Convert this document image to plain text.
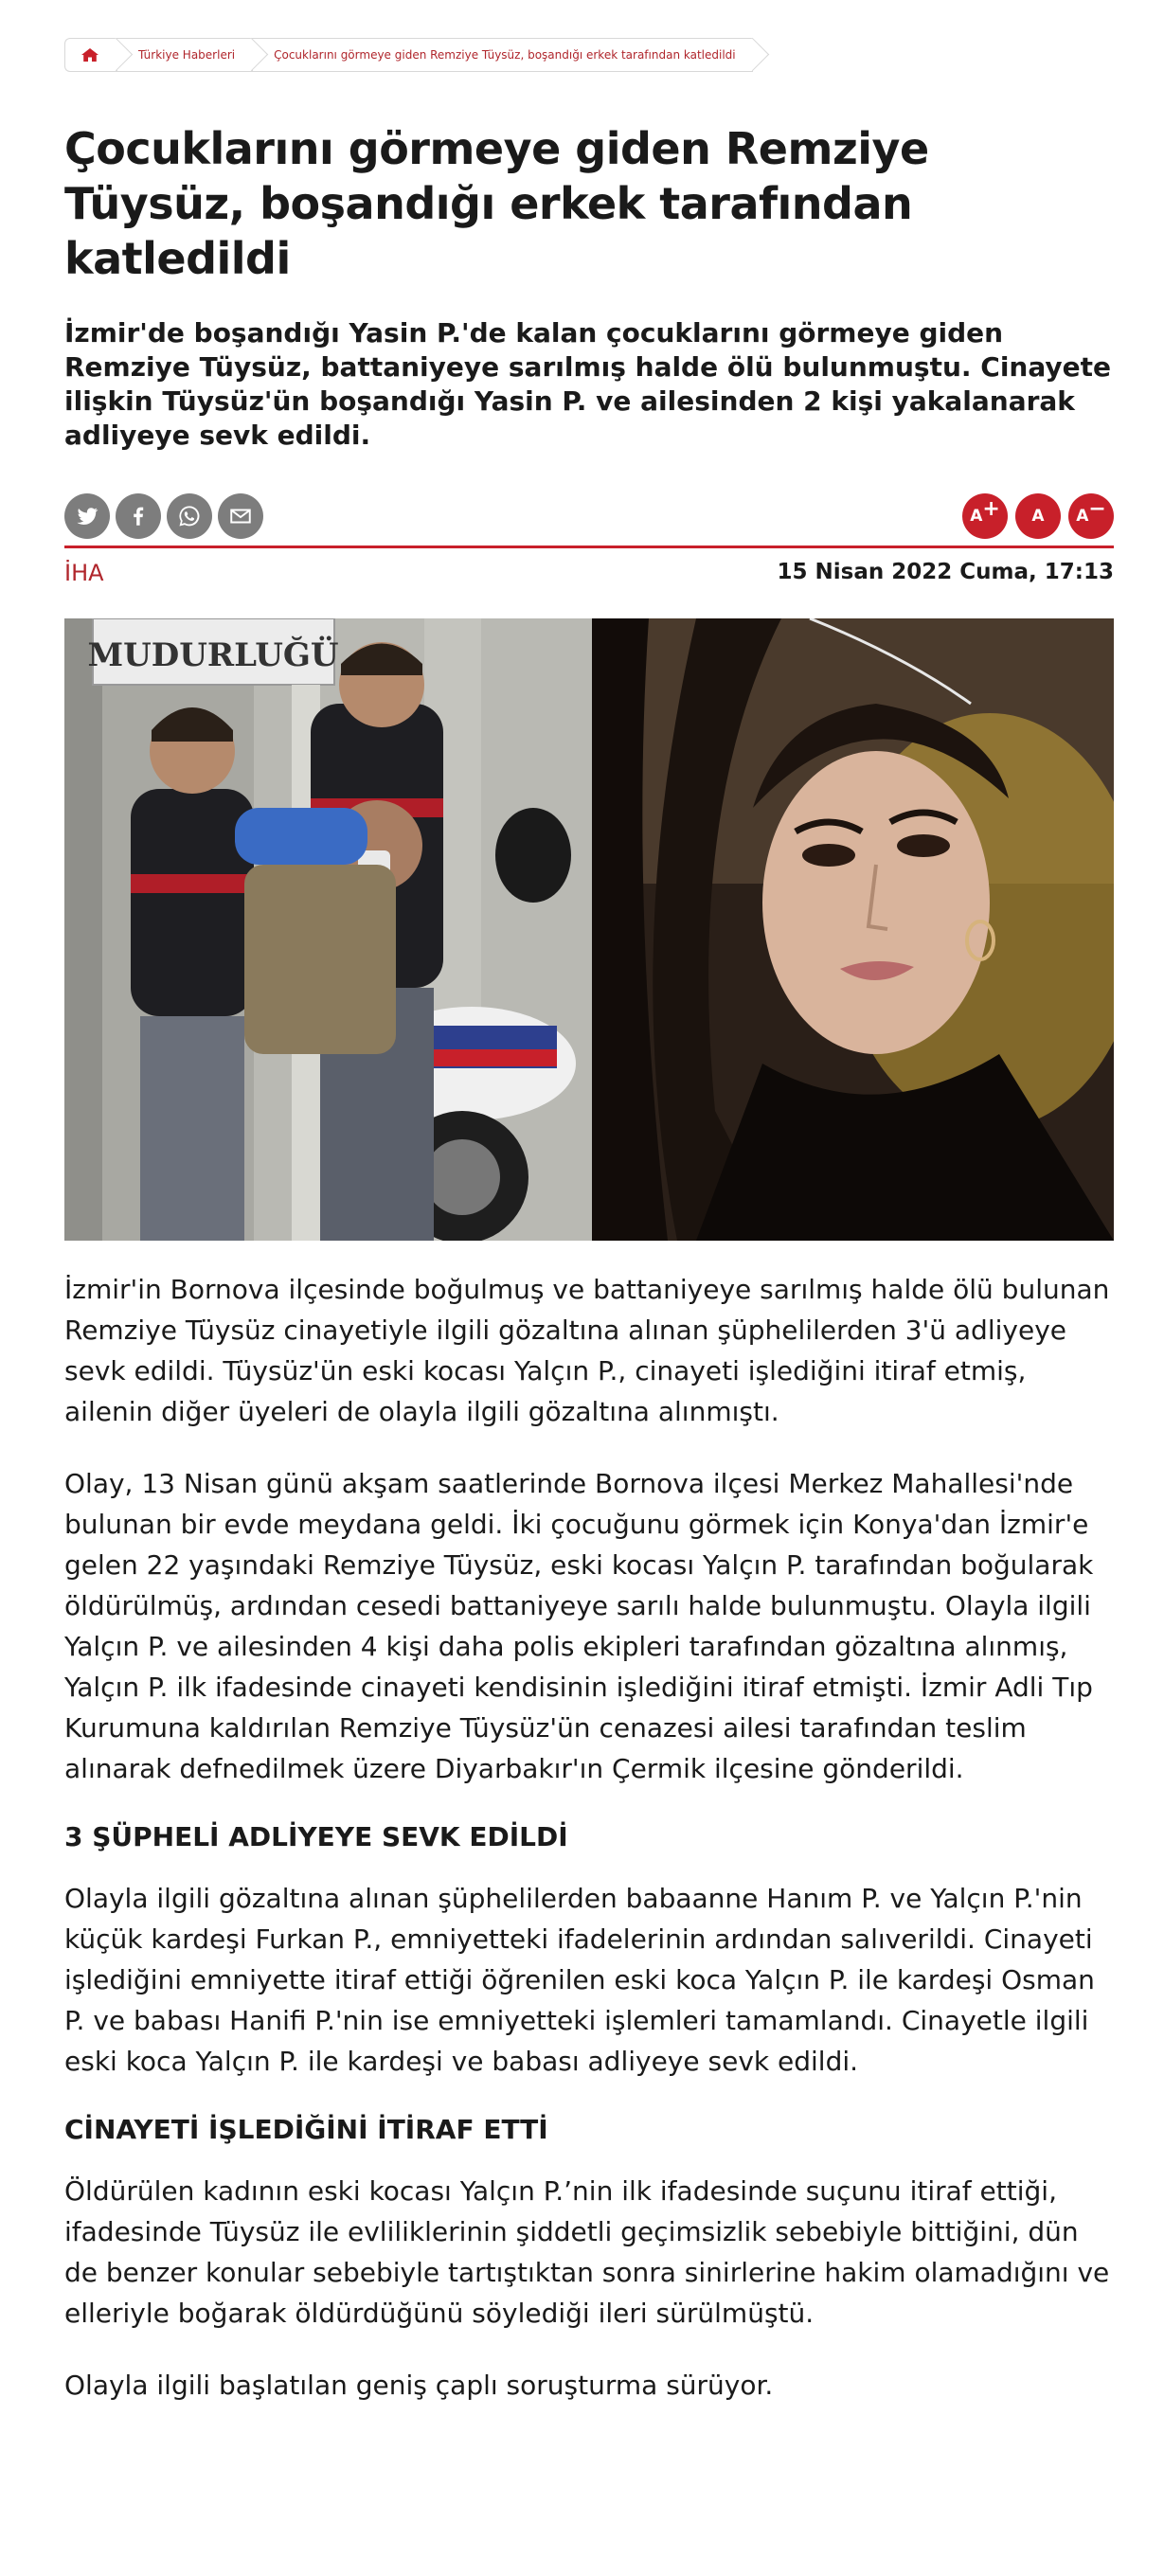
Türkiye Haberleri	Çocuklarını görmeye giden Remziye Tüysüz, boşandığı erkek tarafından katledildi
Çocuklarını görmeye giden Remziye Tüysüz, boşandığı erkek tarafından katledildi

İzmir'de boşandığı Yasin P.'de kalan çocuklarını görmeye giden Remziye Tüysüz, battaniyeye sarılmış halde ölü bulunmuştu. Cinayete ilişkin Tüysüz'ün boşandığı Yasin P. ve ailesinden 2 kişi yakalanarak adliyeye sevk edildi.

A + A A −
İHA	15 Nisan 2022 Cuma, 17:13
MUDURLUĞÜ

İzmir'in Bornova ilçesinde boğulmuş ve battaniyeye sarılmış halde ölü bulunan Remziye Tüysüz cinayetiyle ilgili gözaltına alınan şüphelilerden 3'ü adliyeye sevk edildi. Tüysüz'ün eski kocası Yalçın P., cinayeti işlediğini itiraf etmiş, ailenin diğer üyeleri de olayla ilgili gözaltına alınmıştı.

Olay, 13 Nisan günü akşam saatlerinde Bornova ilçesi Merkez Mahallesi'nde bulunan bir evde meydana geldi. İki çocuğunu görmek için Konya'dan İzmir'e gelen 22 yaşındaki Remziye Tüysüz, eski kocası Yalçın P. tarafından boğularak öldürülmüş, ardından cesedi battaniyeye sarılı halde bulunmuştu. Olayla ilgili Yalçın P. ve ailesinden 4 kişi daha polis ekipleri tarafından gözaltına alınmış, Yalçın P. ilk ifadesinde cinayeti kendisinin işlediğini itiraf etmişti. İzmir Adli Tıp Kurumuna kaldırılan Remziye Tüysüz'ün cenazesi ailesi tarafından teslim alınarak defnedilmek üzere Diyarbakır'ın Çermik ilçesine gönderildi.

3 ŞÜPHELİ ADLİYEYE SEVK EDİLDİ

Olayla ilgili gözaltına alınan şüphelilerden babaanne Hanım P. ve Yalçın P.'nin küçük kardeşi Furkan P., emniyetteki ifadelerinin ardından salıverildi. Cinayeti işlediğini emniyette itiraf ettiği öğrenilen eski koca Yalçın P. ile kardeşi Osman P. ve babası Hanifi P.'nin ise emniyetteki işlemleri tamamlandı. Cinayetle ilgili eski koca Yalçın P. ile kardeşi ve babası adliyeye sevk edildi.

CİNAYETİ İŞLEDİĞİNİ İTİRAF ETTİ

Öldürülen kadının eski kocası Yalçın P.’nin ilk ifadesinde suçunu itiraf ettiği, ifadesinde Tüysüz ile evliliklerinin şiddetli geçimsizlik sebebiyle bittiğini, dün de benzer konular sebebiyle tartıştıktan sonra sinirlerine hakim olamadığını ve elleriyle boğarak öldürdüğünü söylediği ileri sürülmüştü.

Olayla ilgili başlatılan geniş çaplı soruşturma sürüyor.
